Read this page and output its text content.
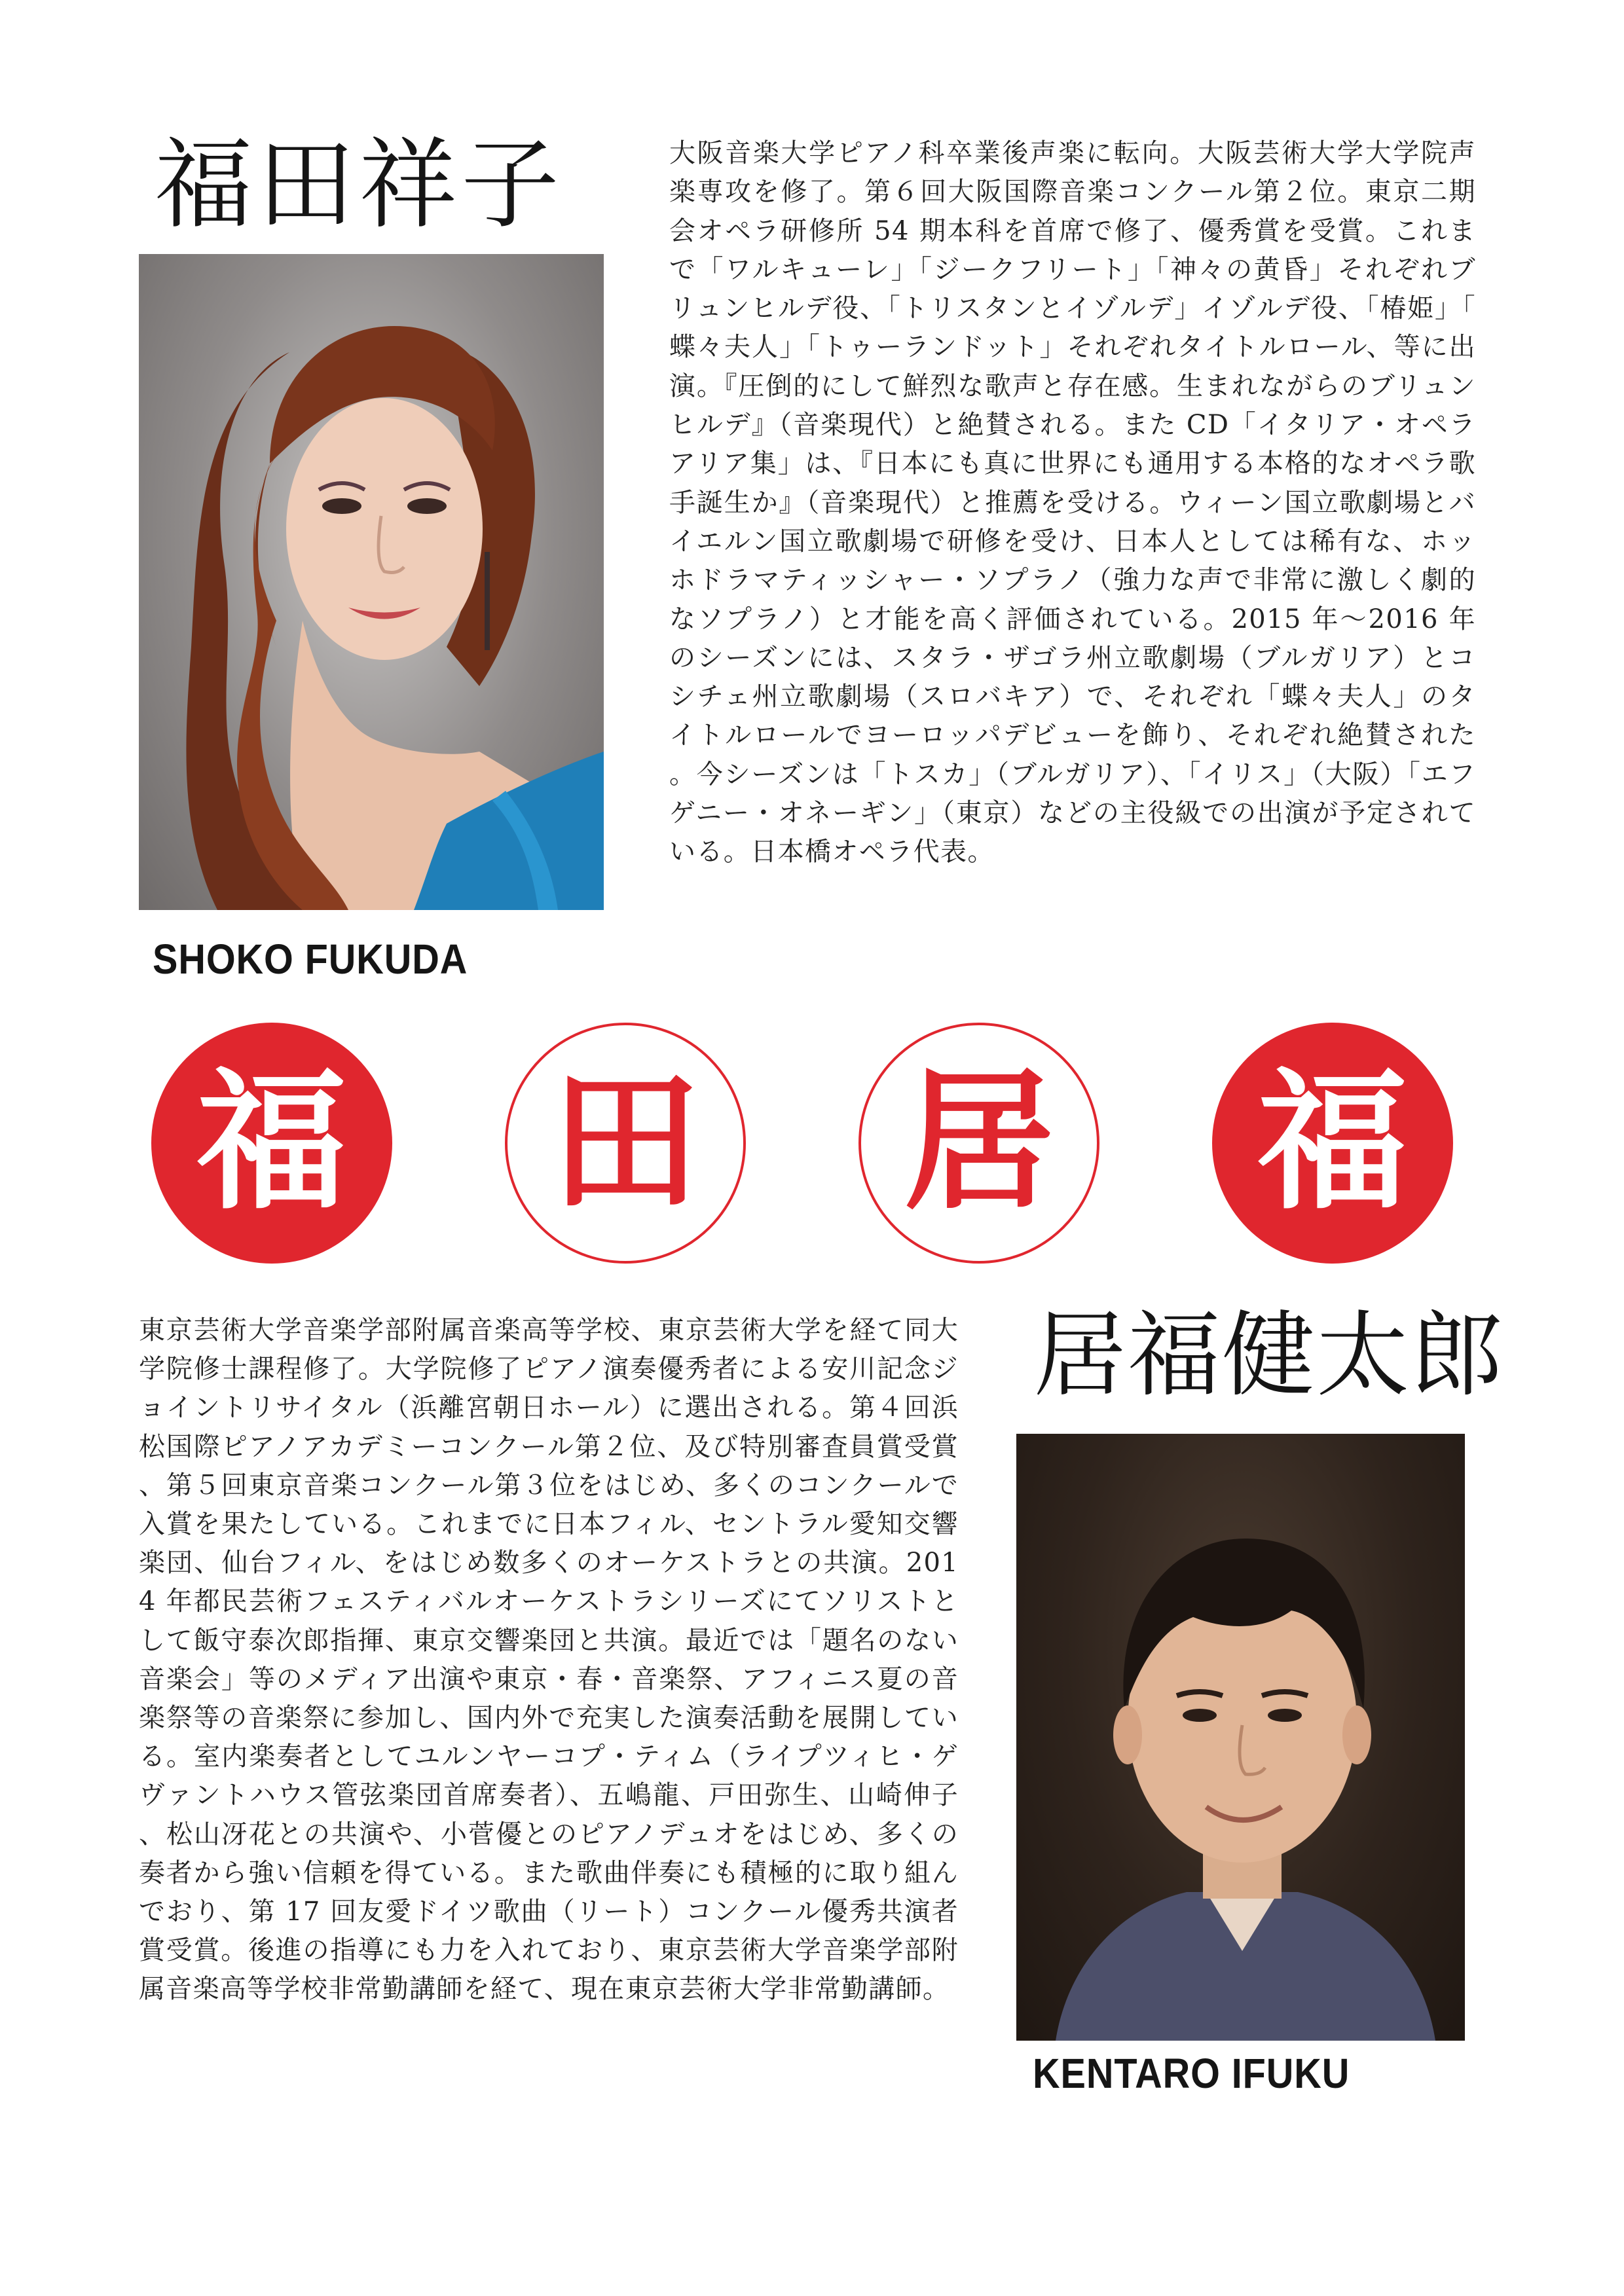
福田祥子
SHOKO FUKUDA

大阪音楽大学ピアノ科卒業後声楽に転向。大阪芸術大学大学院声楽専攻を修了。第６回大阪国際音楽コンクール第２位。東京二期会オペラ研修所 54 期本科を首席で修了、優秀賞を受賞。これまで「ワルキューレ」「ジークフリート」「神々の黄昏」それぞれブリュンヒルデ役、「トリスタンとイゾルデ」イゾルデ役、「椿姫」「蝶々夫人」「トゥーランドット」それぞれタイトルロール、等に出演。『圧倒的にして鮮烈な歌声と存在感。生まれながらのブリュンヒルデ』（音楽現代）と絶賛される。また CD「イタリア・オペラアリア集」は、『日本にも真に世界にも通用する本格的なオペラ歌手誕生か』（音楽現代）と推薦を受ける。ウィーン国立歌劇場とバイエルン国立歌劇場で研修を受け、日本人としては稀有な、ホッホドラマティッシャー・ソプラノ（強力な声で非常に激しく劇的なソプラノ）と才能を高く評価されている。2015 年～2016 年のシーズンには、スタラ・ザゴラ州立歌劇場（ブルガリア）とコシチェ州立歌劇場（スロバキア）で、それぞれ「蝶々夫人」のタイトルロールでヨーロッパデビューを飾り、それぞれ絶賛された。今シーズンは「トスカ」（ブルガリア）、「イリス」（大阪）「エフゲニー・オネーギン」（東京）などの主役級での出演が予定されている。日本橋オペラ代表。

福	田	居	福

東京芸術大学音楽学部附属音楽高等学校、東京芸術大学を経て同大学院修士課程修了。大学院修了ピアノ演奏優秀者による安川記念ジョイントリサイタル（浜離宮朝日ホール）に選出される。第４回浜松国際ピアノアカデミーコンクール第２位、及び特別審査員賞受賞、第５回東京音楽コンクール第３位をはじめ、多くのコンクールで入賞を果たしている。これまでに日本フィル、セントラル愛知交響楽団、仙台フィル、をはじめ数多くのオーケストラとの共演。2014 年都民芸術フェスティバルオーケストラシリーズにてソリストとして飯守泰次郎指揮、東京交響楽団と共演。最近では「題名のない音楽会」等のメディア出演や東京・春・音楽祭、アフィニス夏の音楽祭等の音楽祭に参加し、国内外で充実した演奏活動を展開している。室内楽奏者としてユルンヤーコプ・ティム（ライプツィヒ・ゲヴァントハウス管弦楽団首席奏者）、五嶋龍、戸田弥生、山崎伸子、松山冴花との共演や、小菅優とのピアノデュオをはじめ、多くの奏者から強い信頼を得ている。また歌曲伴奏にも積極的に取り組んでおり、第 17 回友愛ドイツ歌曲（リート）コンクール優秀共演者賞受賞。後進の指導にも力を入れており、東京芸術大学音楽学部附属音楽高等学校非常勤講師を経て、現在東京芸術大学非常勤講師。

居福健太郎
KENTARO IFUKU
